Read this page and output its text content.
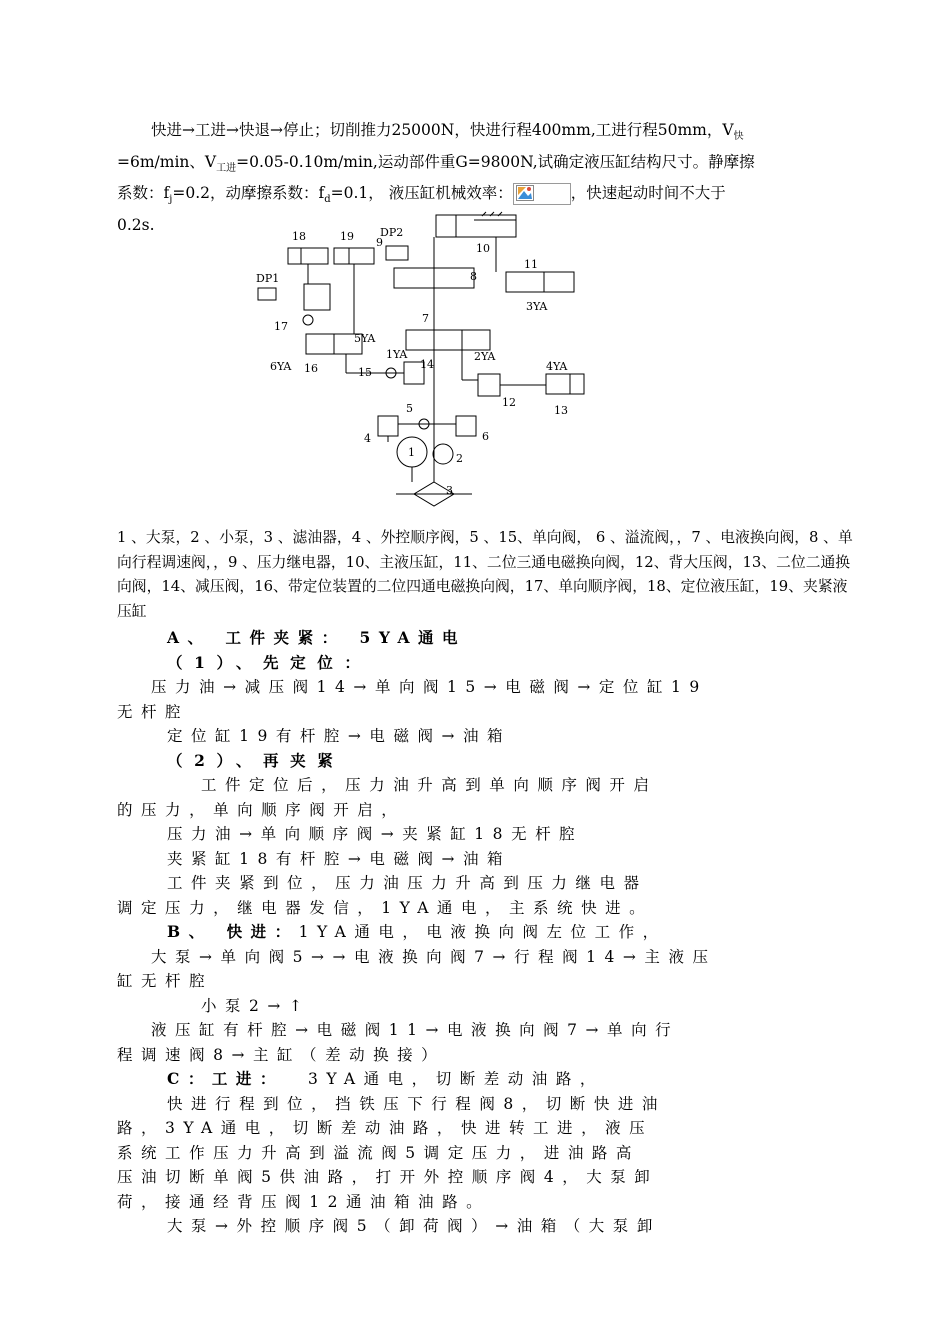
快进→工进→快退→停止；切削推力25000N，快进行程400mm,工进行程50mm，$V_快$

=6m/min、$V_{工进}=0.05-0.10m/\min$,运动部件重G=9800N,试确定液压缸结构尺寸。静摩擦

系数：$f_j=0.2$，动摩擦系数：$f_d=0.1$， 液压缸机械效率：	，快速起动时间不大于

0.2s.

18	19 DP2
9	10
DP1	8
11
3YA
17
7
5YA
1YA
14
2YA
6YA 16	15	4YA
12
13
5
4	6
1	2
3

1 、大泵，2 、小泵，3 、滤油器，4 、外控顺序阀，5 、15、单向阀， 6 、溢流阀，，7 、电液换向阀，8 、单向行程调速阀，，9 、压力继电器，10、主液压缸，11、二位三通电磁换向阀，12、背大压阀，13、二位二通换向阀，14、减压阀，16、带定位装置的二位四通电磁换向阀，17、单向顺序阀，18、定位液压缸，19、夹紧液压缸

A、 工件夹紧： 5YA通电

（1）、先定位：

压力油→减压阀14→单向阀15→电磁阀→定位缸19

无杆腔

定位缸19有杆腔→电磁阀→油箱

（2）、再夹紧

工件定位后，压力油升高到单向顺序阀开启

的压力，单向顺序阀开启，

压力油→单向顺序阀→夹紧缸18无杆腔

夹紧缸18有杆腔→电磁阀→油箱

工件夹紧到位，压力油压力升高到压力继电器

调定压力，继电器发信，1YA通电，主系统快进。

B、 快进：1YA通电，电液换向阀左位工作，

大泵→单向阀5→→电液换向阀7→行程阀14→主液压

缸无杆腔

小泵2→↑

液压缸有杆腔→电磁阀11→电液换向阀7→单向行

程调速阀8→主缸（差动换接）

C：工进： 3YA通电，切断差动油路，

快进行程到位，挡铁压下行程阀8，切断快进油

路，3YA通电，切断差动油路，快进转工进，液压

系统工作压力升高到溢流阀5调定压力，进油路高

压油切断单阀5供油路，打开外控顺序阀4，大泵卸

荷，接通经背压阀12通油箱油路。

大泵→外控顺序阀5（卸荷阀）→油箱（大泵卸
